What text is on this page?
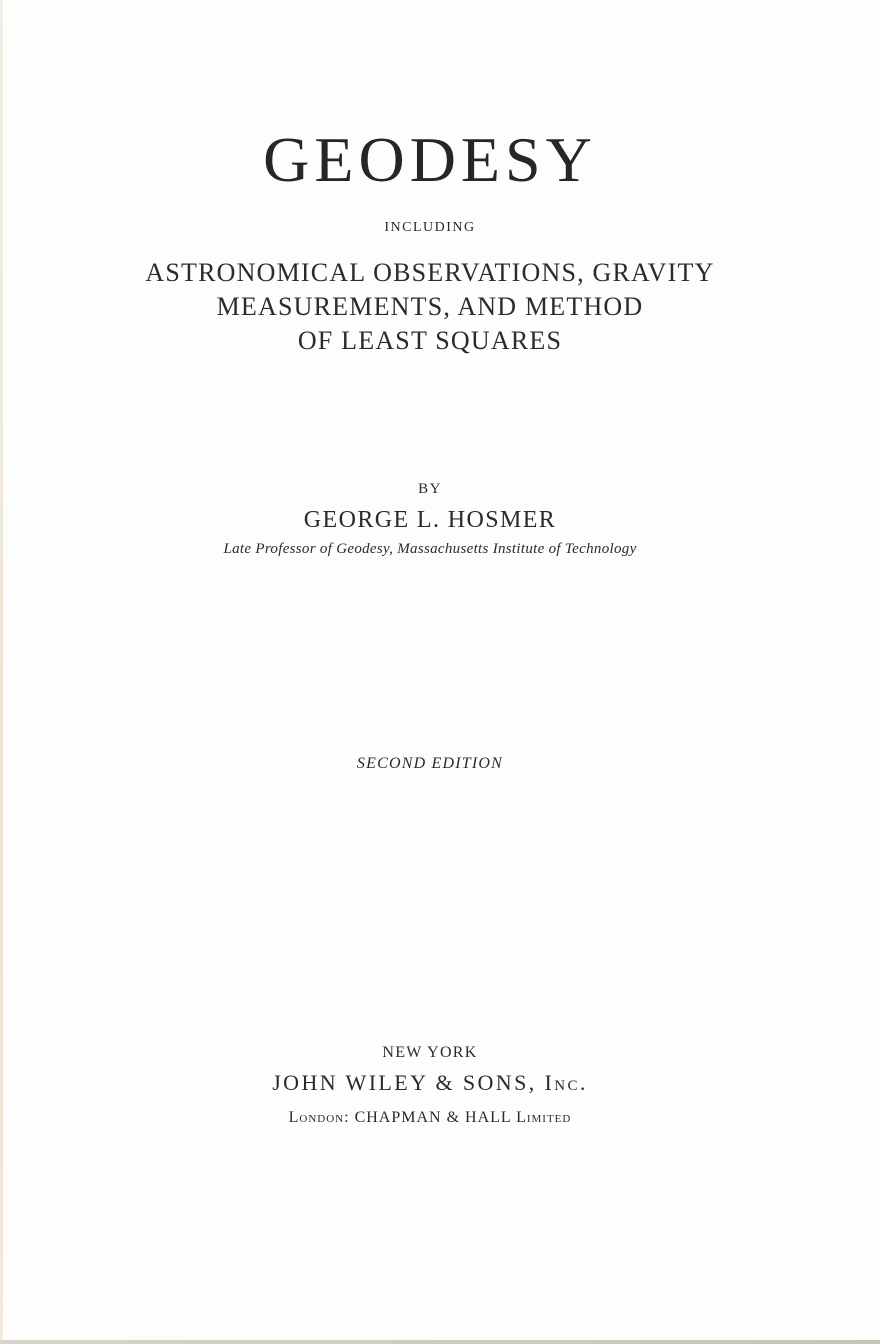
GEODESY
INCLUDING
ASTRONOMICAL OBSERVATIONS, GRAVITY
MEASUREMENTS, AND METHOD
OF LEAST SQUARES
BY
GEORGE L. HOSMER
Late Professor of Geodesy, Massachusetts Institute of Technology
SECOND EDITION
NEW YORK
JOHN WILEY & SONS, Inc.
London: CHAPMAN & HALL Limited
